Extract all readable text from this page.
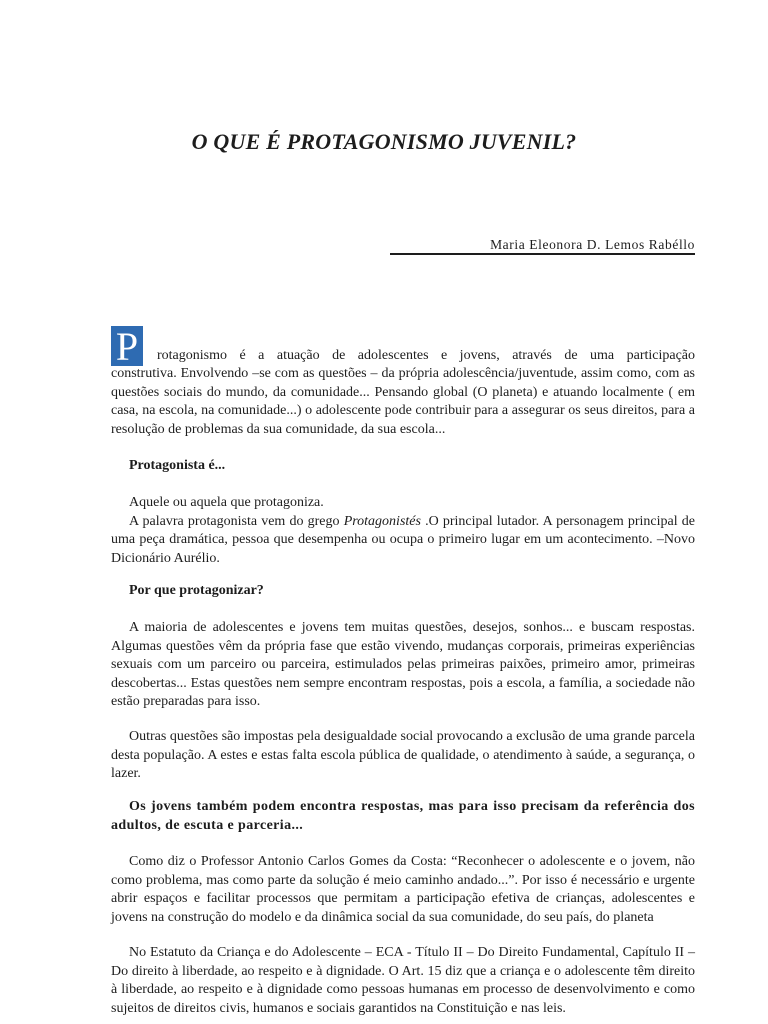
O QUE É PROTAGONISMO JUVENIL?
Maria Eleonora D. Lemos Rabéllo
P	rotagonismo é a atuação de adolescentes e jovens, através de uma participação

construtiva. Envolvendo –se com as questões – da própria adolescência/juventude, assim como, com as questões sociais do mundo, da comunidade... Pensando global (O planeta) e atuando localmente ( em casa, na escola, na comunidade...) o adolescente pode contribuir para a assegurar os seus direitos, para a resolução de problemas da sua comunidade, da sua escola...

Protagonista é...

Aquele ou aquela que protagoniza.

A palavra protagonista vem do grego Protagonistés .O principal lutador. A personagem principal de uma peça dramática, pessoa que desempenha ou ocupa o primeiro lugar em um acontecimento. –Novo Dicionário Aurélio.

Por que protagonizar?

A maioria de adolescentes e jovens tem muitas questões, desejos, sonhos... e buscam respostas. Algumas questões vêm da própria fase que estão vivendo, mudanças corporais, primeiras experiências sexuais com um parceiro ou parceira, estimulados pelas primeiras paixões, primeiro amor, primeiras descobertas... Estas questões nem sempre encontram respostas, pois a escola, a família, a sociedade não estão preparadas para isso.

Outras questões são impostas pela desigualdade social provocando a exclusão de uma grande parcela desta população. A estes e estas falta escola pública de qualidade, o atendimento à saúde, a segurança, o lazer.

Os jovens também podem encontra respostas, mas para isso precisam da referência dos adultos, de escuta e parceria...

Como diz o Professor Antonio Carlos Gomes da Costa: “Reconhecer o adolescente e o jovem, não como problema, mas como parte da solução é meio caminho andado...”. Por isso é necessário e urgente abrir espaços e facilitar processos que permitam a participação efetiva de crianças, adolescentes e jovens na construção do modelo e da dinâmica social da sua comunidade, do seu país, do planeta

No Estatuto da Criança e do Adolescente – ECA - Título II – Do Direito Fundamental, Capítulo II – Do direito à liberdade, ao respeito e à dignidade. O Art. 15 diz que a criança e o adolescente têm direito à liberdade, ao respeito e à dignidade como pessoas humanas em processo de desenvolvimento e como sujeitos de direitos civis, humanos e sociais garantidos na Constituição e nas leis.
